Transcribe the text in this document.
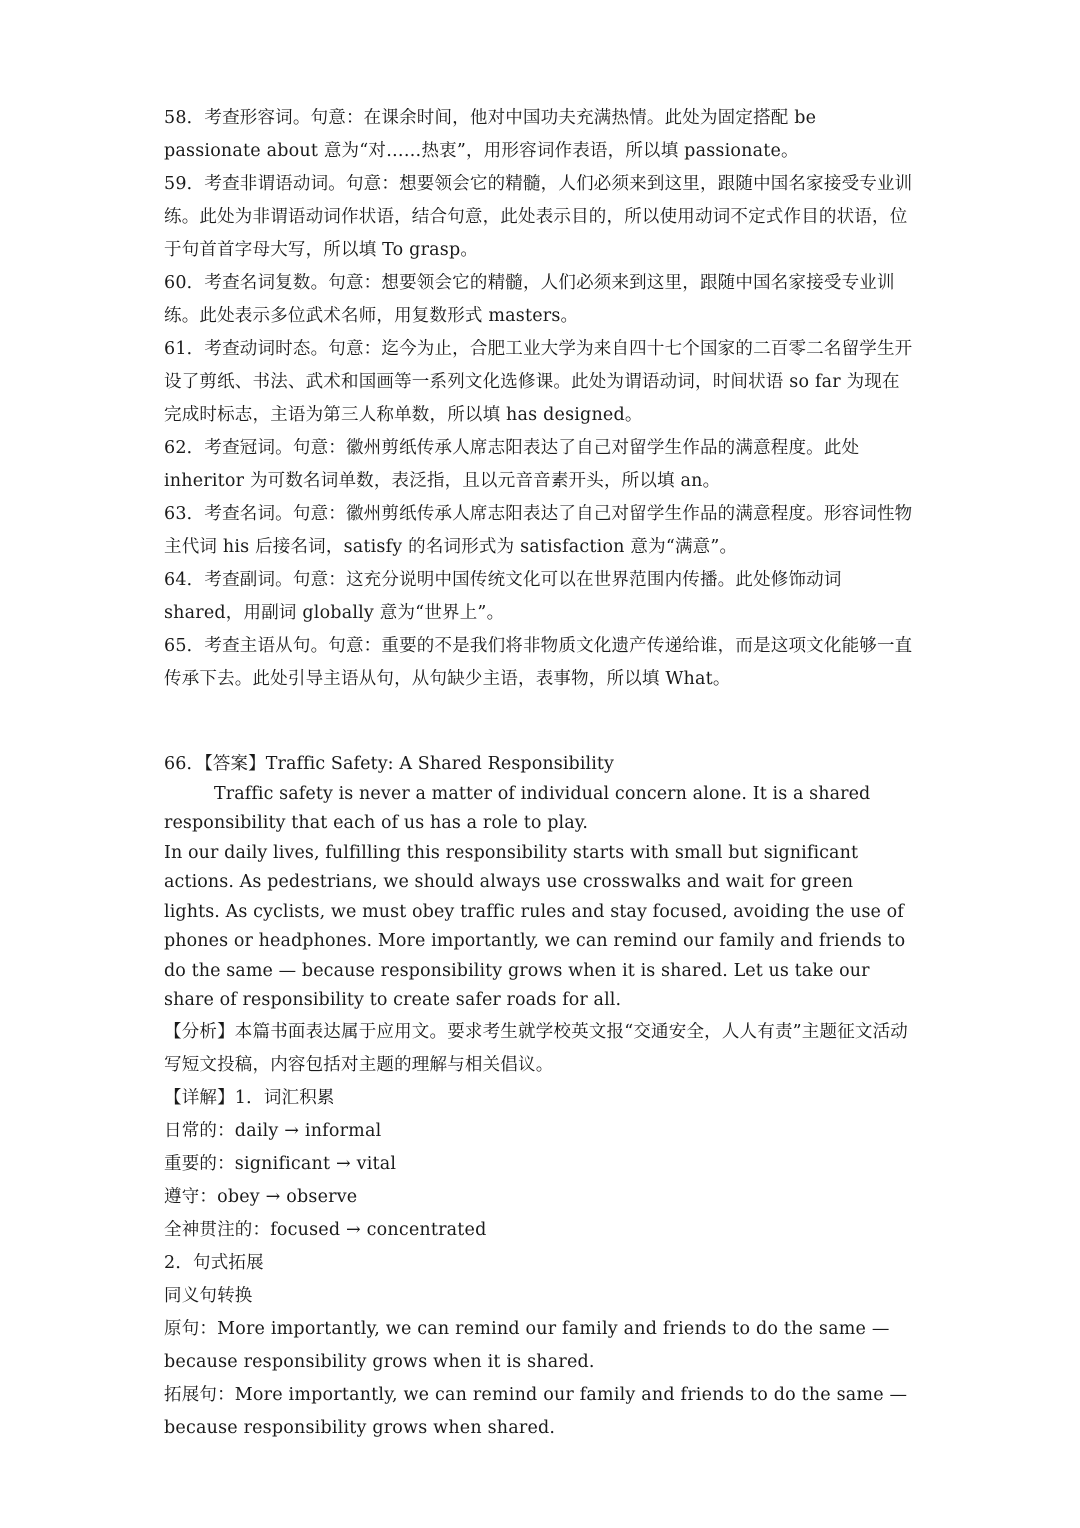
58．考查形容词。句意：在课余时间，他对中国功夫充满热情。此处为固定搭配 be passionate about 意为“对……热衷”，用形容词作表语，所以填 passionate。

59．考查非谓语动词。句意：想要领会它的精髓，人们必须来到这里，跟随中国名家接受专业训练。此处为非谓语动词作状语，结合句意，此处表示目的，所以使用动词不定式作目的状语，位于句首首字母大写，所以填 To grasp。

60．考查名词复数。句意：想要领会它的精髓，人们必须来到这里，跟随中国名家接受专业训练。此处表示多位武术名师，用复数形式 masters。

61．考查动词时态。句意：迄今为止，合肥工业大学为来自四十七个国家的二百零二名留学生开设了剪纸、书法、武术和国画等一系列文化选修课。此处为谓语动词，时间状语 so far 为现在完成时标志，主语为第三人称单数，所以填 has designed。

62．考查冠词。句意：徽州剪纸传承人席志阳表达了自己对留学生作品的满意程度。此处 inheritor 为可数名词单数，表泛指，且以元音音素开头，所以填 an。

63．考查名词。句意：徽州剪纸传承人席志阳表达了自己对留学生作品的满意程度。形容词性物主代词 his 后接名词，satisfy 的名词形式为 satisfaction 意为“满意”。

64．考查副词。句意：这充分说明中国传统文化可以在世界范围内传播。此处修饰动词 shared，用副词 globally 意为“世界上”。

65．考查主语从句。句意：重要的不是我们将非物质文化遗产传递给谁，而是这项文化能够一直传承下去。此处引导主语从句，从句缺少主语，表事物，所以填 What。

66．【答案】Traffic Safety: A Shared Responsibility

Traffic safety is never a matter of individual concern alone. It is a shared responsibility that each of us has a role to play.

In our daily lives, fulfilling this responsibility starts with small but significant actions. As pedestrians, we should always use crosswalks and wait for green lights. As cyclists, we must obey traffic rules and stay focused, avoiding the use of phones or headphones. More importantly, we can remind our family and friends to do the same — because responsibility grows when it is shared. Let us take our share of responsibility to create safer roads for all.

【分析】本篇书面表达属于应用文。要求考生就学校英文报“交通安全，人人有责”主题征文活动写短文投稿，内容包括对主题的理解与相关倡议。

【详解】1．词汇积累

日常的：daily → informal

重要的：significant → vital

遵守：obey → observe

全神贯注的：focused → concentrated

2．句式拓展

同义句转换

原句：More importantly, we can remind our family and friends to do the same — because responsibility grows when it is shared.

拓展句：More importantly, we can remind our family and friends to do the same — because responsibility grows when shared.
